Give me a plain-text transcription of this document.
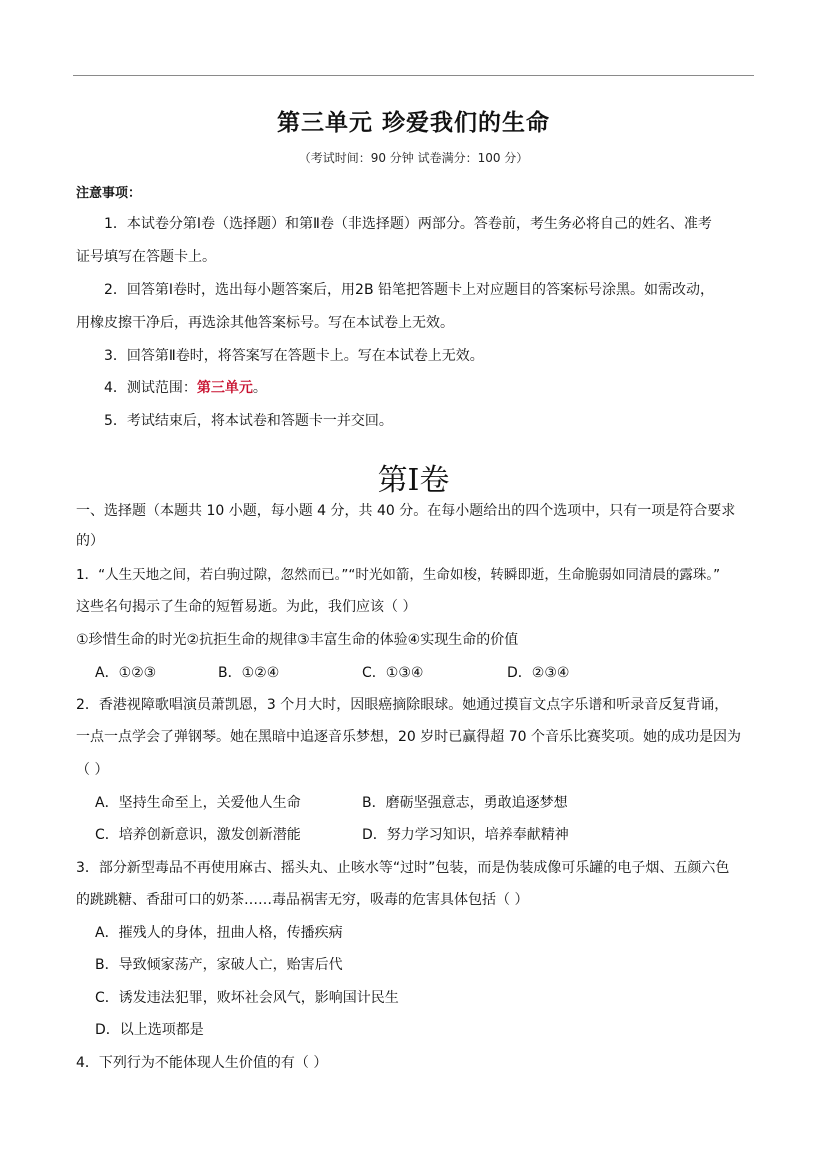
第三单元 珍爱我们的生命
（考试时间：90 分钟 试卷满分：100 分）
注意事项：
1．本试卷分第Ⅰ卷（选择题）和第Ⅱ卷（非选择题）两部分。答卷前，考生务必将自己的姓名、准考
证号填写在答题卡上。
2．回答第Ⅰ卷时，选出每小题答案后，用2B 铅笔把答题卡上对应题目的答案标号涂黑。如需改动，
用橡皮擦干净后，再选涂其他答案标号。写在本试卷上无效。
3．回答第Ⅱ卷时，将答案写在答题卡上。写在本试卷上无效。
4．测试范围：第三单元。
5．考试结束后，将本试卷和答题卡一并交回。
第I卷
一、选择题（本题共 10 小题，每小题 4 分，共 40 分。在每小题给出的四个选项中，只有一项是符合要求
的）
1．“人生天地之间，若白驹过隙，忽然而已。”“时光如箭，生命如梭，转瞬即逝，生命脆弱如同清晨的露珠。”
这些名句揭示了生命的短暂易逝。为此，我们应该（ ）
①珍惜生命的时光②抗拒生命的规律③丰富生命的体验④实现生命的价值
A．①②③	B．①②④	C．①③④	D．②③④
2．香港视障歌唱演员萧凯恩，3 个月大时，因眼癌摘除眼球。她通过摸盲文点字乐谱和听录音反复背诵，
一点一点学会了弹钢琴。她在黑暗中追逐音乐梦想，20 岁时已赢得超 70 个音乐比赛奖项。她的成功是因为
（ ）
A．坚持生命至上，关爱他人生命	B．磨砺坚强意志，勇敢追逐梦想
C．培养创新意识，激发创新潜能	D．努力学习知识，培养奉献精神
3．部分新型毒品不再使用麻古、摇头丸、止咳水等“过时”包装，而是伪装成像可乐罐的电子烟、五颜六色
的跳跳糖、香甜可口的奶茶……毒品祸害无穷，吸毒的危害具体包括（ ）
A．摧残人的身体，扭曲人格，传播疾病
B．导致倾家荡产，家破人亡，贻害后代
C．诱发违法犯罪，败坏社会风气，影响国计民生
D．以上选项都是
4．下列行为不能体现人生价值的有（ ）
